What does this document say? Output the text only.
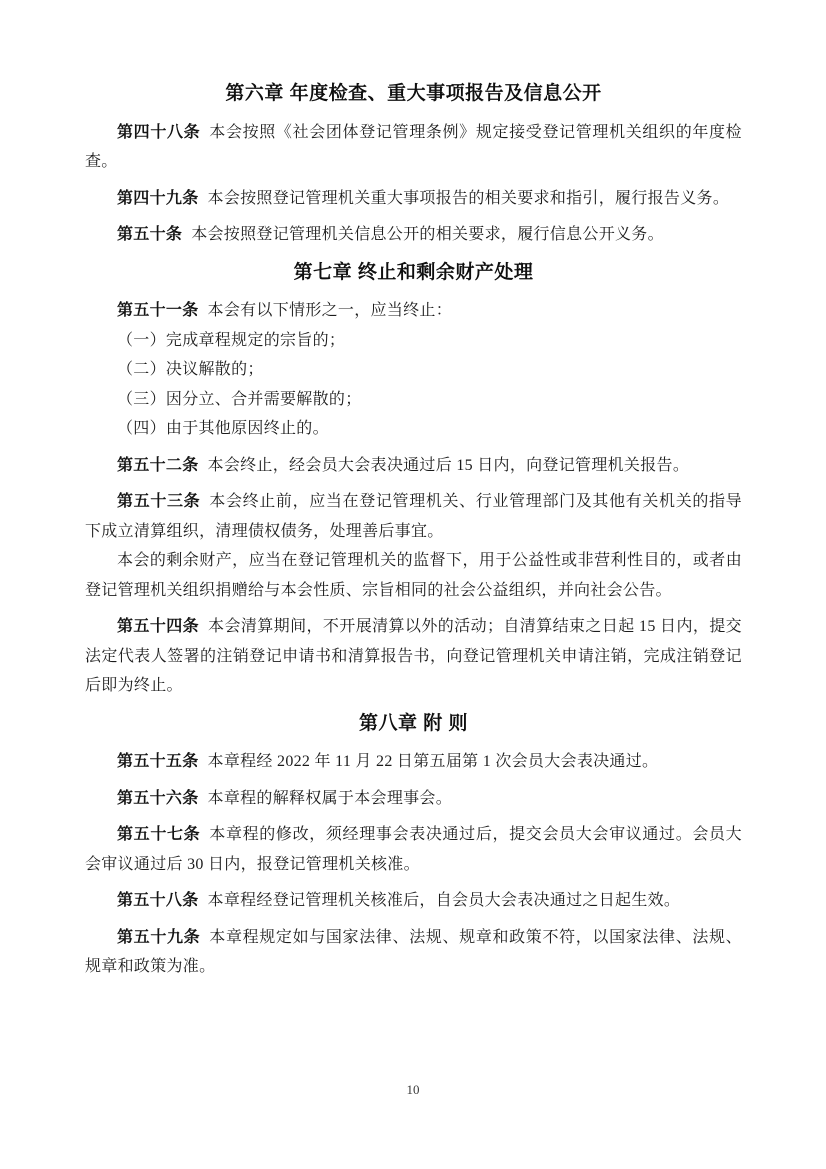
第六章 年度检查、重大事项报告及信息公开

第四十八条 本会按照《社会团体登记管理条例》规定接受登记管理机关组织的年度检查。

第四十九条 本会按照登记管理机关重大事项报告的相关要求和指引，履行报告义务。

第五十条 本会按照登记管理机关信息公开的相关要求，履行信息公开义务。

第七章 终止和剩余财产处理

第五十一条 本会有以下情形之一，应当终止：

（一）完成章程规定的宗旨的；

（二）决议解散的；

（三）因分立、合并需要解散的；

（四）由于其他原因终止的。

第五十二条 本会终止，经会员大会表决通过后 15 日内，向登记管理机关报告。

第五十三条 本会终止前，应当在登记管理机关、行业管理部门及其他有关机关的指导下成立清算组织，清理债权债务，处理善后事宜。

本会的剩余财产，应当在登记管理机关的监督下，用于公益性或非营利性目的，或者由登记管理机关组织捐赠给与本会性质、宗旨相同的社会公益组织，并向社会公告。

第五十四条 本会清算期间，不开展清算以外的活动；自清算结束之日起 15 日内，提交法定代表人签署的注销登记申请书和清算报告书，向登记管理机关申请注销，完成注销登记后即为终止。

第八章 附 则

第五十五条 本章程经 2022 年 11 月 22 日第五届第 1 次会员大会表决通过。

第五十六条 本章程的解释权属于本会理事会。

第五十七条 本章程的修改，须经理事会表决通过后，提交会员大会审议通过。会员大会审议通过后 30 日内，报登记管理机关核准。

第五十八条 本章程经登记管理机关核准后，自会员大会表决通过之日起生效。

第五十九条 本章程规定如与国家法律、法规、规章和政策不符，以国家法律、法规、规章和政策为准。

10
